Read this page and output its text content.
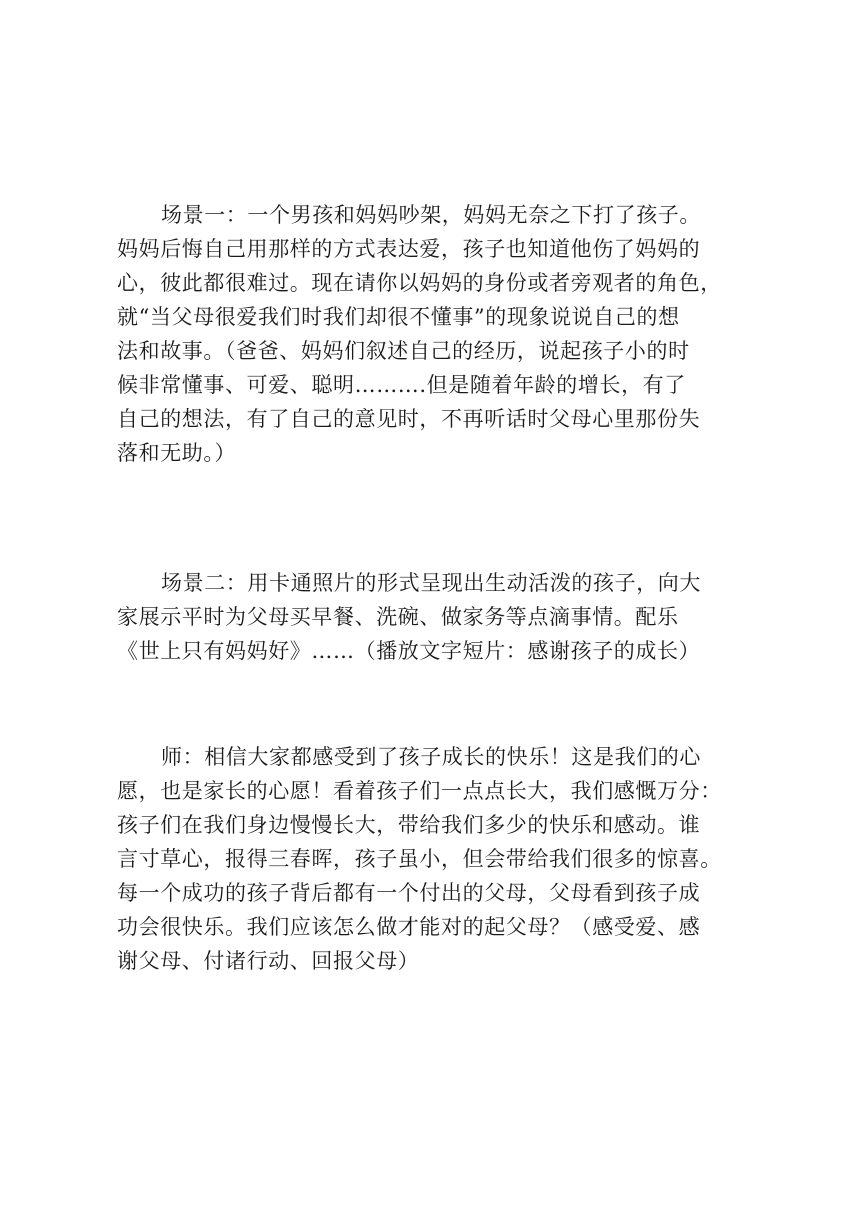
场景一：一个男孩和妈妈吵架，妈妈无奈之下打了孩子。
妈妈后悔自己用那样的方式表达爱，孩子也知道他伤了妈妈的
心，彼此都很难过。现在请你以妈妈的身份或者旁观者的角色，
就“当父母很爱我们时我们却很不懂事”的现象说说自己的想
法和故事。（爸爸、妈妈们叙述自己的经历，说起孩子小的时
候非常懂事、可爱、聪明……….但是随着年龄的增长，有了
自己的想法，有了自己的意见时，不再听话时父母心里那份失
落和无助。）
场景二：用卡通照片的形式呈现出生动活泼的孩子，向大
家展示平时为父母买早餐、洗碗、做家务等点滴事情。配乐
《世上只有妈妈好》……（播放文字短片：感谢孩子的成长）
师：相信大家都感受到了孩子成长的快乐！这是我们的心
愿，也是家长的心愿！看着孩子们一点点长大，我们感慨万分：
孩子们在我们身边慢慢长大，带给我们多少的快乐和感动。谁
言寸草心，报得三春晖，孩子虽小，但会带给我们很多的惊喜。
每一个成功的孩子背后都有一个付出的父母，父母看到孩子成
功会很快乐。我们应该怎么做才能对的起父母？（感受爱、感
谢父母、付诸行动、回报父母）
